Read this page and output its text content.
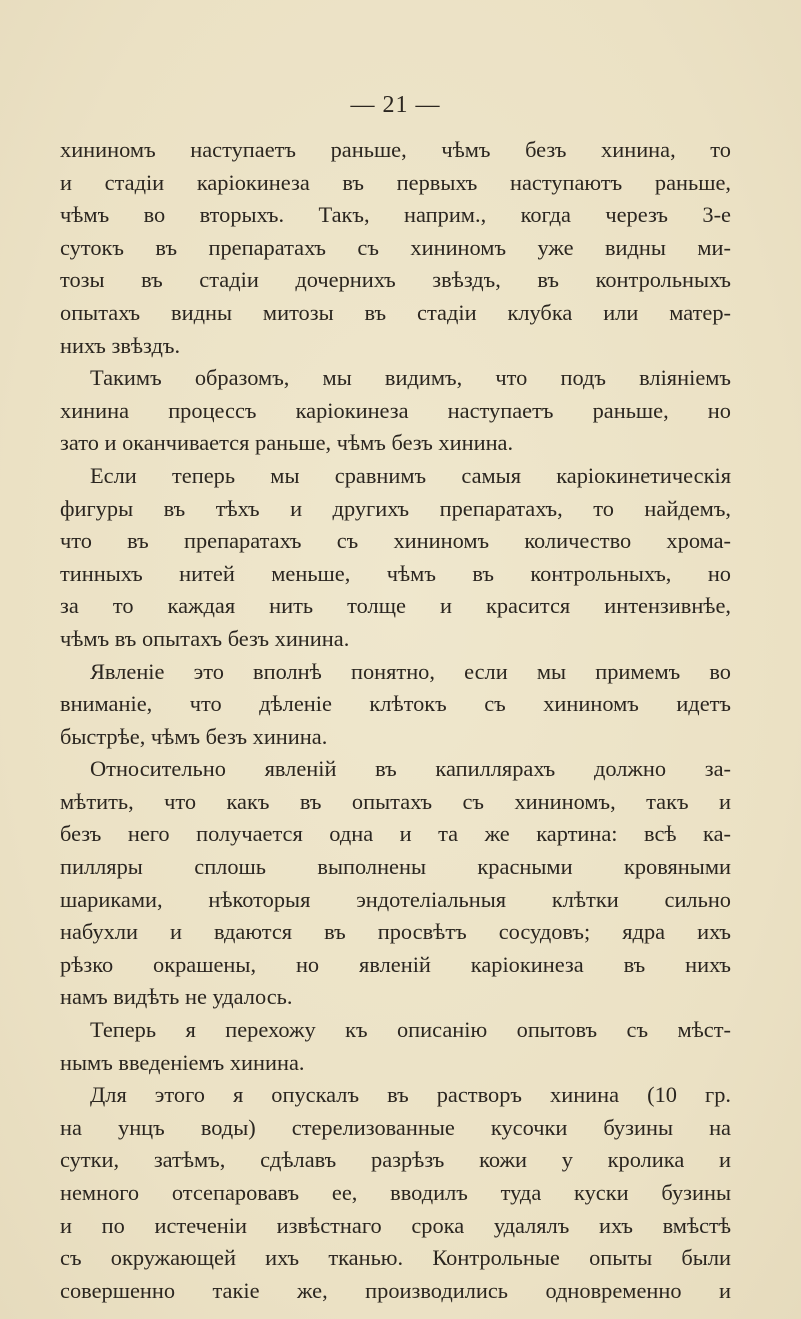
— 21 —
хининомъ наступаетъ раньше, чѣмъ безъ хинина, то
и стадіи каріокинеза въ первыхъ наступаютъ раньше,
чѣмъ во вторыхъ. Такъ, наприм., когда черезъ 3-е
сутокъ въ препаратахъ съ хининомъ уже видны ми-
тозы въ стадіи дочернихъ звѣздъ, въ контрольныхъ
опытахъ видны митозы въ стадіи клубка или матер-
нихъ звѣздъ.
Такимъ образомъ, мы видимъ, что подъ вліяніемъ
хинина процессъ каріокинеза наступаетъ раньше, но
зато и оканчивается раньше, чѣмъ безъ хинина.
Если теперь мы сравнимъ самыя каріокинетическія
фигуры въ тѣхъ и другихъ препаратахъ, то найдемъ,
что въ препаратахъ съ хининомъ количество хрома-
тинныхъ нитей меньше, чѣмъ въ контрольныхъ, но
за то каждая нить толще и красится интензивнѣе,
чѣмъ въ опытахъ безъ хинина.
Явленіе это вполнѣ понятно, если мы примемъ во
вниманіе, что дѣленіе клѣтокъ съ хининомъ идетъ
быстрѣе, чѣмъ безъ хинина.
Относительно явленій въ капиллярахъ должно за-
мѣтить, что какъ въ опытахъ съ хининомъ, такъ и
безъ него получается одна и та же картина: всѣ ка-
пилляры сплошь выполнены красными кровяными
шариками, нѣкоторыя эндотеліальныя клѣтки сильно
набухли и вдаются въ просвѣтъ сосудовъ; ядра ихъ
рѣзко окрашены, но явленій каріокинеза въ нихъ
намъ видѣть не удалось.
Теперь я перехожу къ описанію опытовъ съ мѣст-
нымъ введеніемъ хинина.
Для этого я опускалъ въ растворъ хинина (10 гр.
на унцъ воды) стерелизованные кусочки бузины на
сутки, затѣмъ, сдѣлавъ разрѣзъ кожи у кролика и
немного отсепаровавъ ее, вводилъ туда куски бузины
и по истеченіи извѣстнаго срока удалялъ ихъ вмѣстѣ
съ окружающей ихъ тканью. Контрольные опыты были
совершенно такіе же, производились одновременно и
